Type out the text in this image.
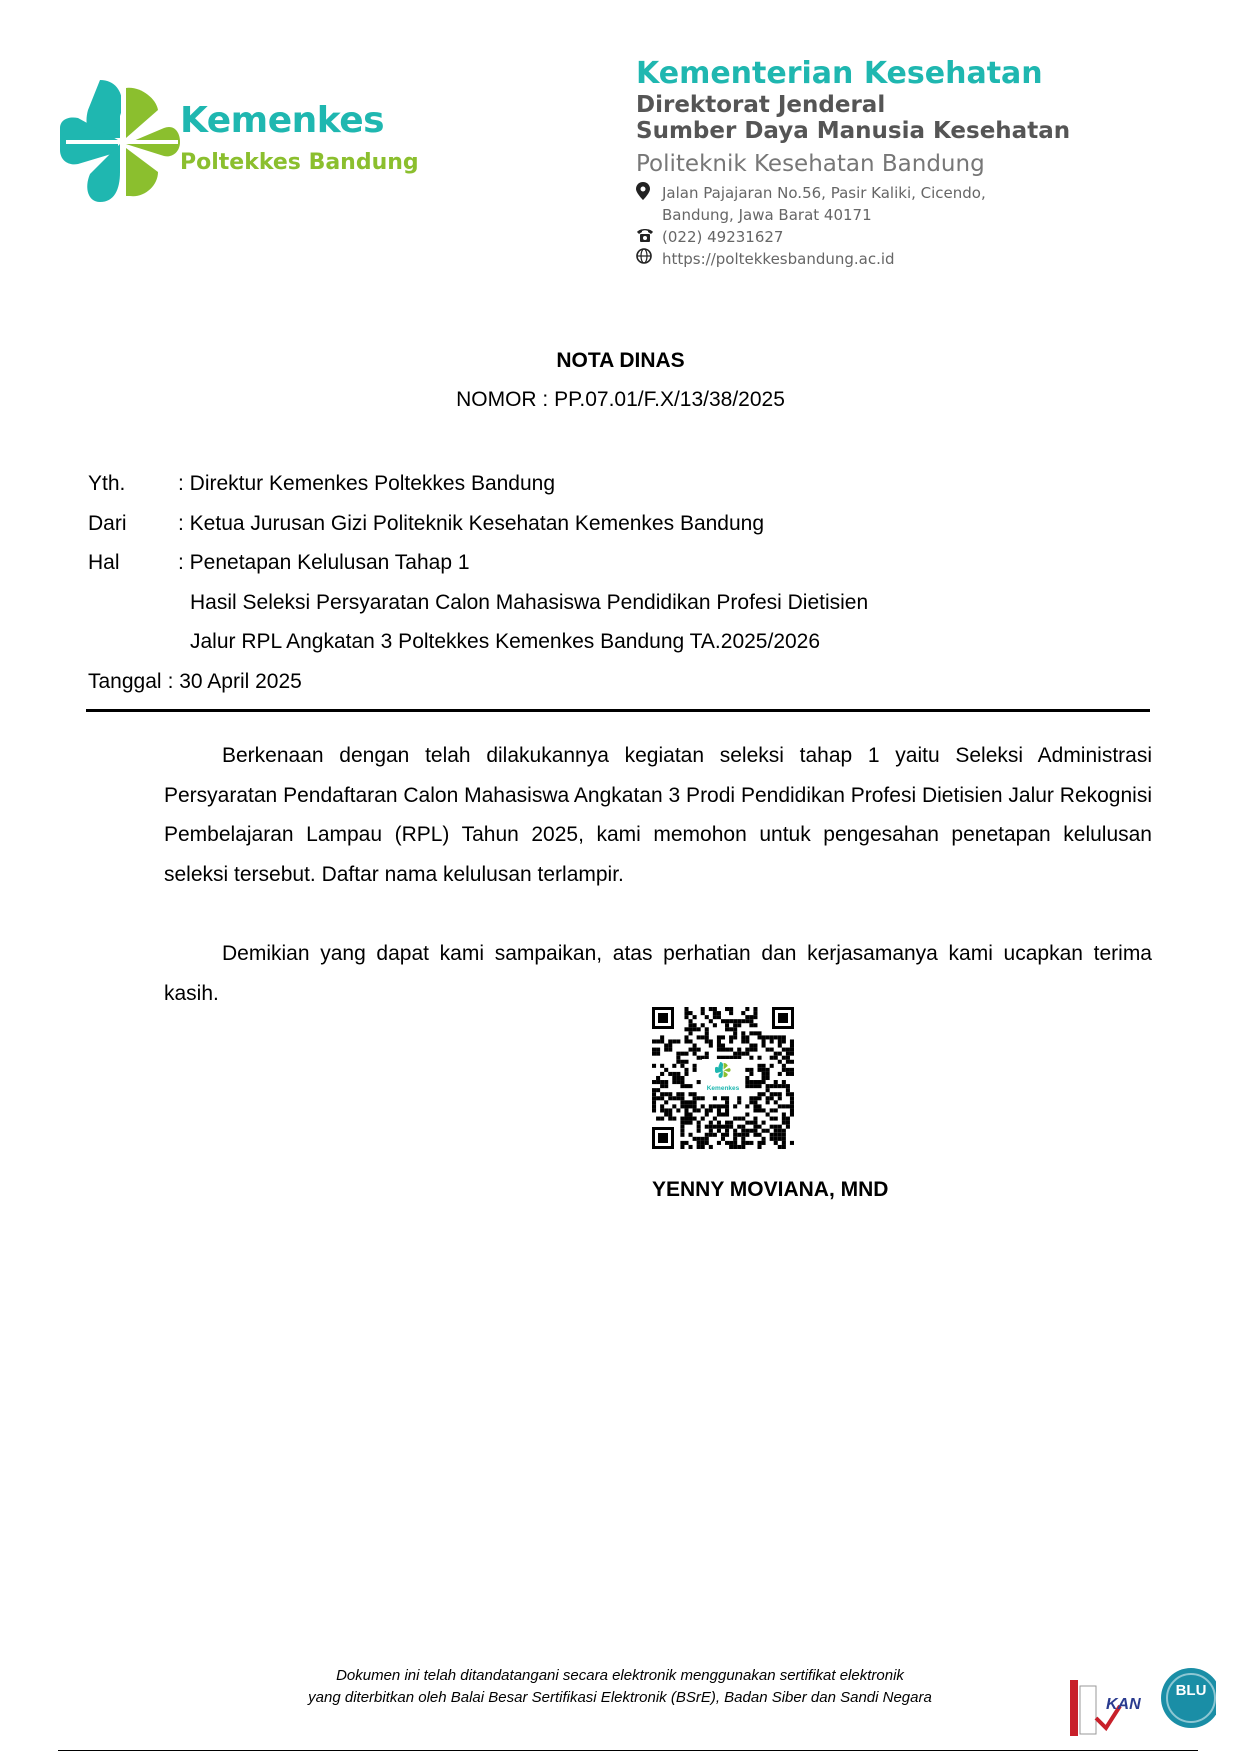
Kemenkes
Poltekkes Bandung
Kementerian Kesehatan
Direktorat Jenderal
Sumber Daya Manusia Kesehatan
Politeknik Kesehatan Bandung
Jalan Pajajaran No.56, Pasir Kaliki, Cicendo,
Bandung, Jawa Barat 40171
(022) 49231627
https://poltekkesbandung.ac.id
NOTA DINAS
NOMOR : PP.07.01/F.X/13/38/2025
Yth.	: Direktur Kemenkes Poltekkes Bandung
Dari	: Ketua Jurusan Gizi Politeknik Kesehatan Kemenkes Bandung
Hal	: Penetapan Kelulusan Tahap 1
Hasil Seleksi Persyaratan Calon Mahasiswa Pendidikan Profesi Dietisien
Jalur RPL Angkatan 3 Poltekkes Kemenkes Bandung TA.2025/2026
Tanggal : 30 April 2025
Berkenaan dengan telah dilakukannya kegiatan seleksi tahap 1 yaitu Seleksi Administrasi Persyaratan Pendaftaran Calon Mahasiswa Angkatan 3 Prodi Pendidikan Profesi Dietisien Jalur Rekognisi Pembelajaran Lampau (RPL) Tahun 2025, kami memohon untuk pengesahan penetapan kelulusan seleksi tersebut. Daftar nama kelulusan terlampir.
Demikian yang dapat kami sampaikan, atas perhatian dan kerjasamanya kami ucapkan terima kasih.
Kemenkes
YENNY MOVIANA, MND
Dokumen ini telah ditandatangani secara elektronik menggunakan sertifikat elektronik
yang diterbitkan oleh Balai Besar Sertifikasi Elektronik (BSrE), Badan Siber dan Sandi Negara	KAN
BLU
